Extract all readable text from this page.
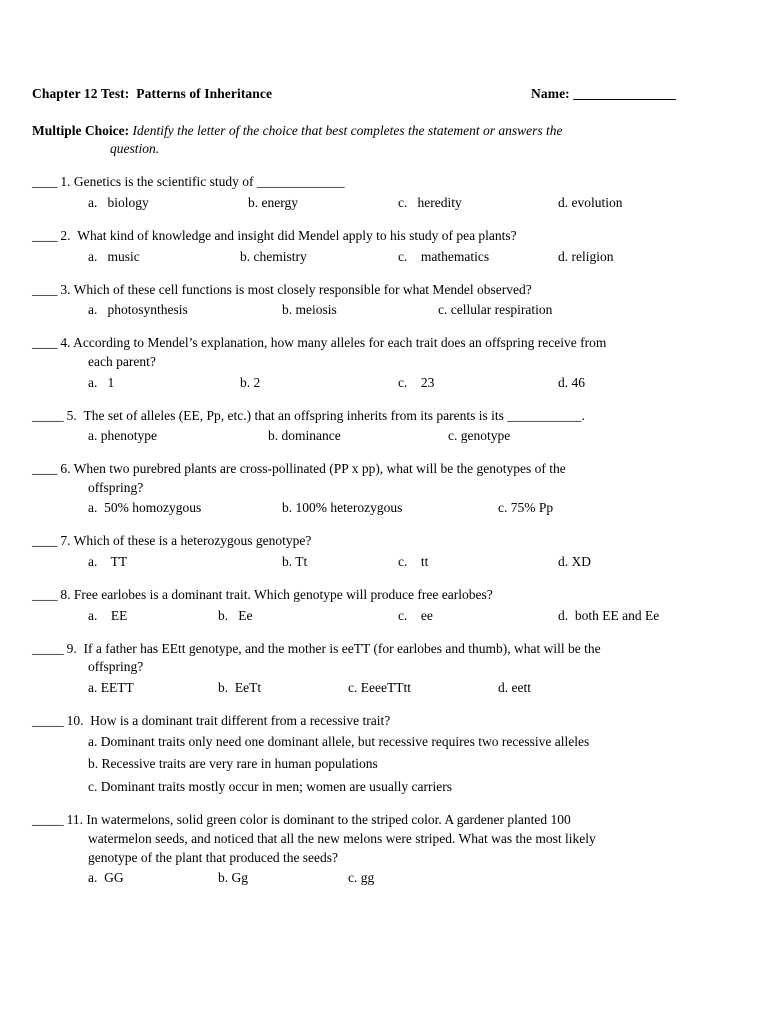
Chapter 12 Test:  Patterns of Inheritance	Name: _______________
Multiple Choice: Identify the letter of the choice that best completes the statement or answers the
question.
____ 1. Genetics is the scientific study of _____________
a.   biology	b. energy	c.   heredity	d. evolution
____ 2. What kind of knowledge and insight did Mendel apply to his study of pea plants?
a.   music	b. chemistry	c.    mathematics	d. religion
____ 3. Which of these cell functions is most closely responsible for what Mendel observed?
a.   photosynthesis	b. meiosis	c. cellular respiration
____ 4. According to Mendel’s explanation, how many alleles for each trait does an offspring receive from
each parent?
a.   1	b. 2	c.    23	d. 46
_____ 5. The set of alleles (EE, Pp, etc.) that an offspring inherits from its parents is its ___________.
a. phenotype	b. dominance	c. genotype
____ 6. When two purebred plants are cross-pollinated (PP x pp), what will be the genotypes of the
offspring?
a.  50% homozygous	b. 100% heterozygous	c. 75% Pp
____ 7. Which of these is a heterozygous genotype?
a.    TT	b. Tt	c.    tt	d. XD
____ 8. Free earlobes is a dominant trait. Which genotype will produce free earlobes?
a.    EE	b.   Ee	c.    ee	d.  both EE and Ee
_____ 9. If a father has EEtt genotype, and the mother is eeTT (for earlobes and thumb), what will be the
offspring?
a. EETT	b.  EeTt	c. EeeeTTtt	d. eett
_____ 10. How is a dominant trait different from a recessive trait?
a. Dominant traits only need one dominant allele, but recessive requires two recessive alleles
b. Recessive traits are very rare in human populations
c. Dominant traits mostly occur in men; women are usually carriers
_____ 11. In watermelons, solid green color is dominant to the striped color. A gardener planted 100
watermelon seeds, and noticed that all the new melons were striped. What was the most likely
genotype of the plant that produced the seeds?
a.  GG	b. Gg	c. gg
